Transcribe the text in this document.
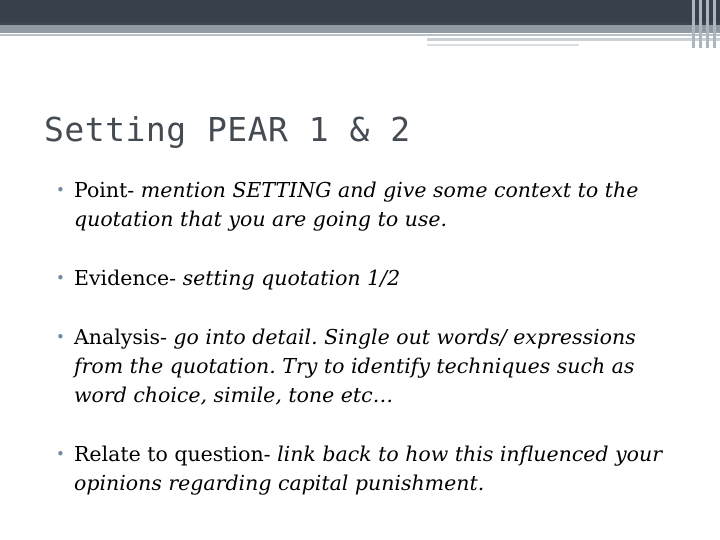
Setting PEAR 1 & 2
• Point- mention SETTING and give some context to the quotation that you are going to use.
• Evidence- setting quotation 1/2
• Analysis- go into detail. Single out words/ expressions from the quotation. Try to identify techniques such as word choice, simile, tone etc…
• Relate to question- link back to how this influenced your opinions regarding capital punishment.
